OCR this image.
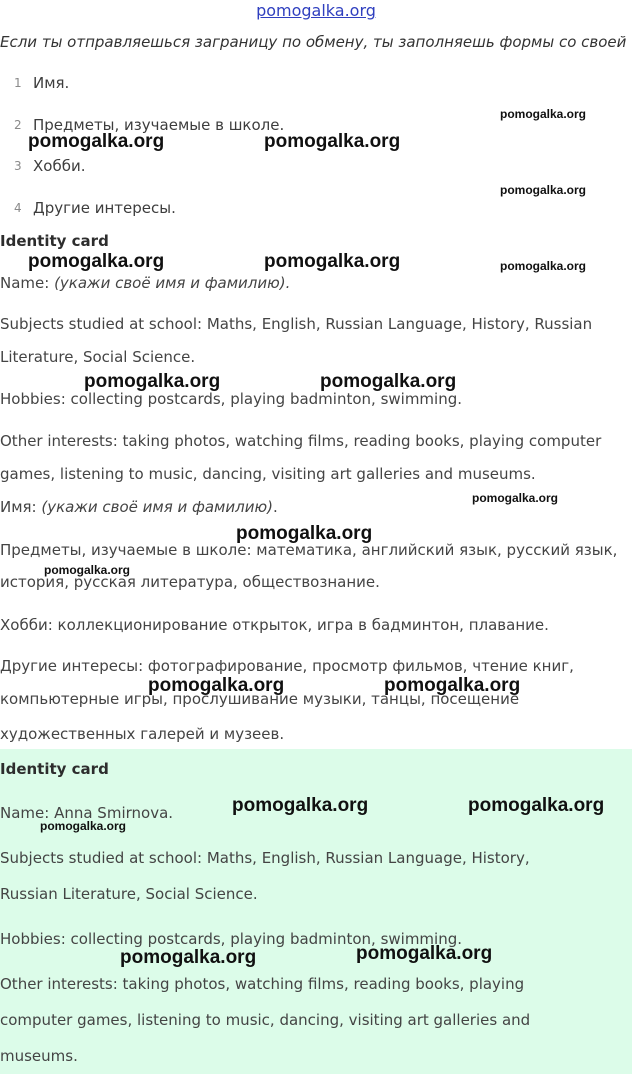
pomogalka.org
Если ты отправляешься заграницу по обмену, ты заполняешь формы со своей
1 Имя.
2 Предметы, изучаемые в школе.
3 Хобби.
4 Другие интересы.
Identity card
Name: (укажи своё имя и фамилию).
Subjects studied at school: Maths, English, Russian Language, History, Russian
Literature, Social Science.
Hobbies: collecting postcards, playing badminton, swimming.
Other interests: taking photos, watching films, reading books, playing computer
games, listening to music, dancing, visiting art galleries and museums.
Имя: (укажи своё имя и фамилию).
Предметы, изучаемые в школе: математика, английский язык, русский язык,
история, русская литература, обществознание.
Хобби: коллекционирование открыток, игра в бадминтон, плавание.
Другие интересы: фотографирование, просмотр фильмов, чтение книг,
компьютерные игры, прослушивание музыки, танцы, посещение
художественных галерей и музеев.
Identity card
Name: Anna Smirnova.
Subjects studied at school: Maths, English, Russian Language, History,
Russian Literature, Social Science.
Hobbies: collecting postcards, playing badminton, swimming.
Other interests: taking photos, watching films, reading books, playing
computer games, listening to music, dancing, visiting art galleries and
museums.
pomogalka.org
pomogalka.org	pomogalka.org
pomogalka.org
pomogalka.org	pomogalka.org	pomogalka.org
pomogalka.org	pomogalka.org
pomogalka.org
pomogalka.org
pomogalka.org
pomogalka.org	pomogalka.org
pomogalka.org	pomogalka.org
pomogalka.org
pomogalka.org
pomogalka.org
